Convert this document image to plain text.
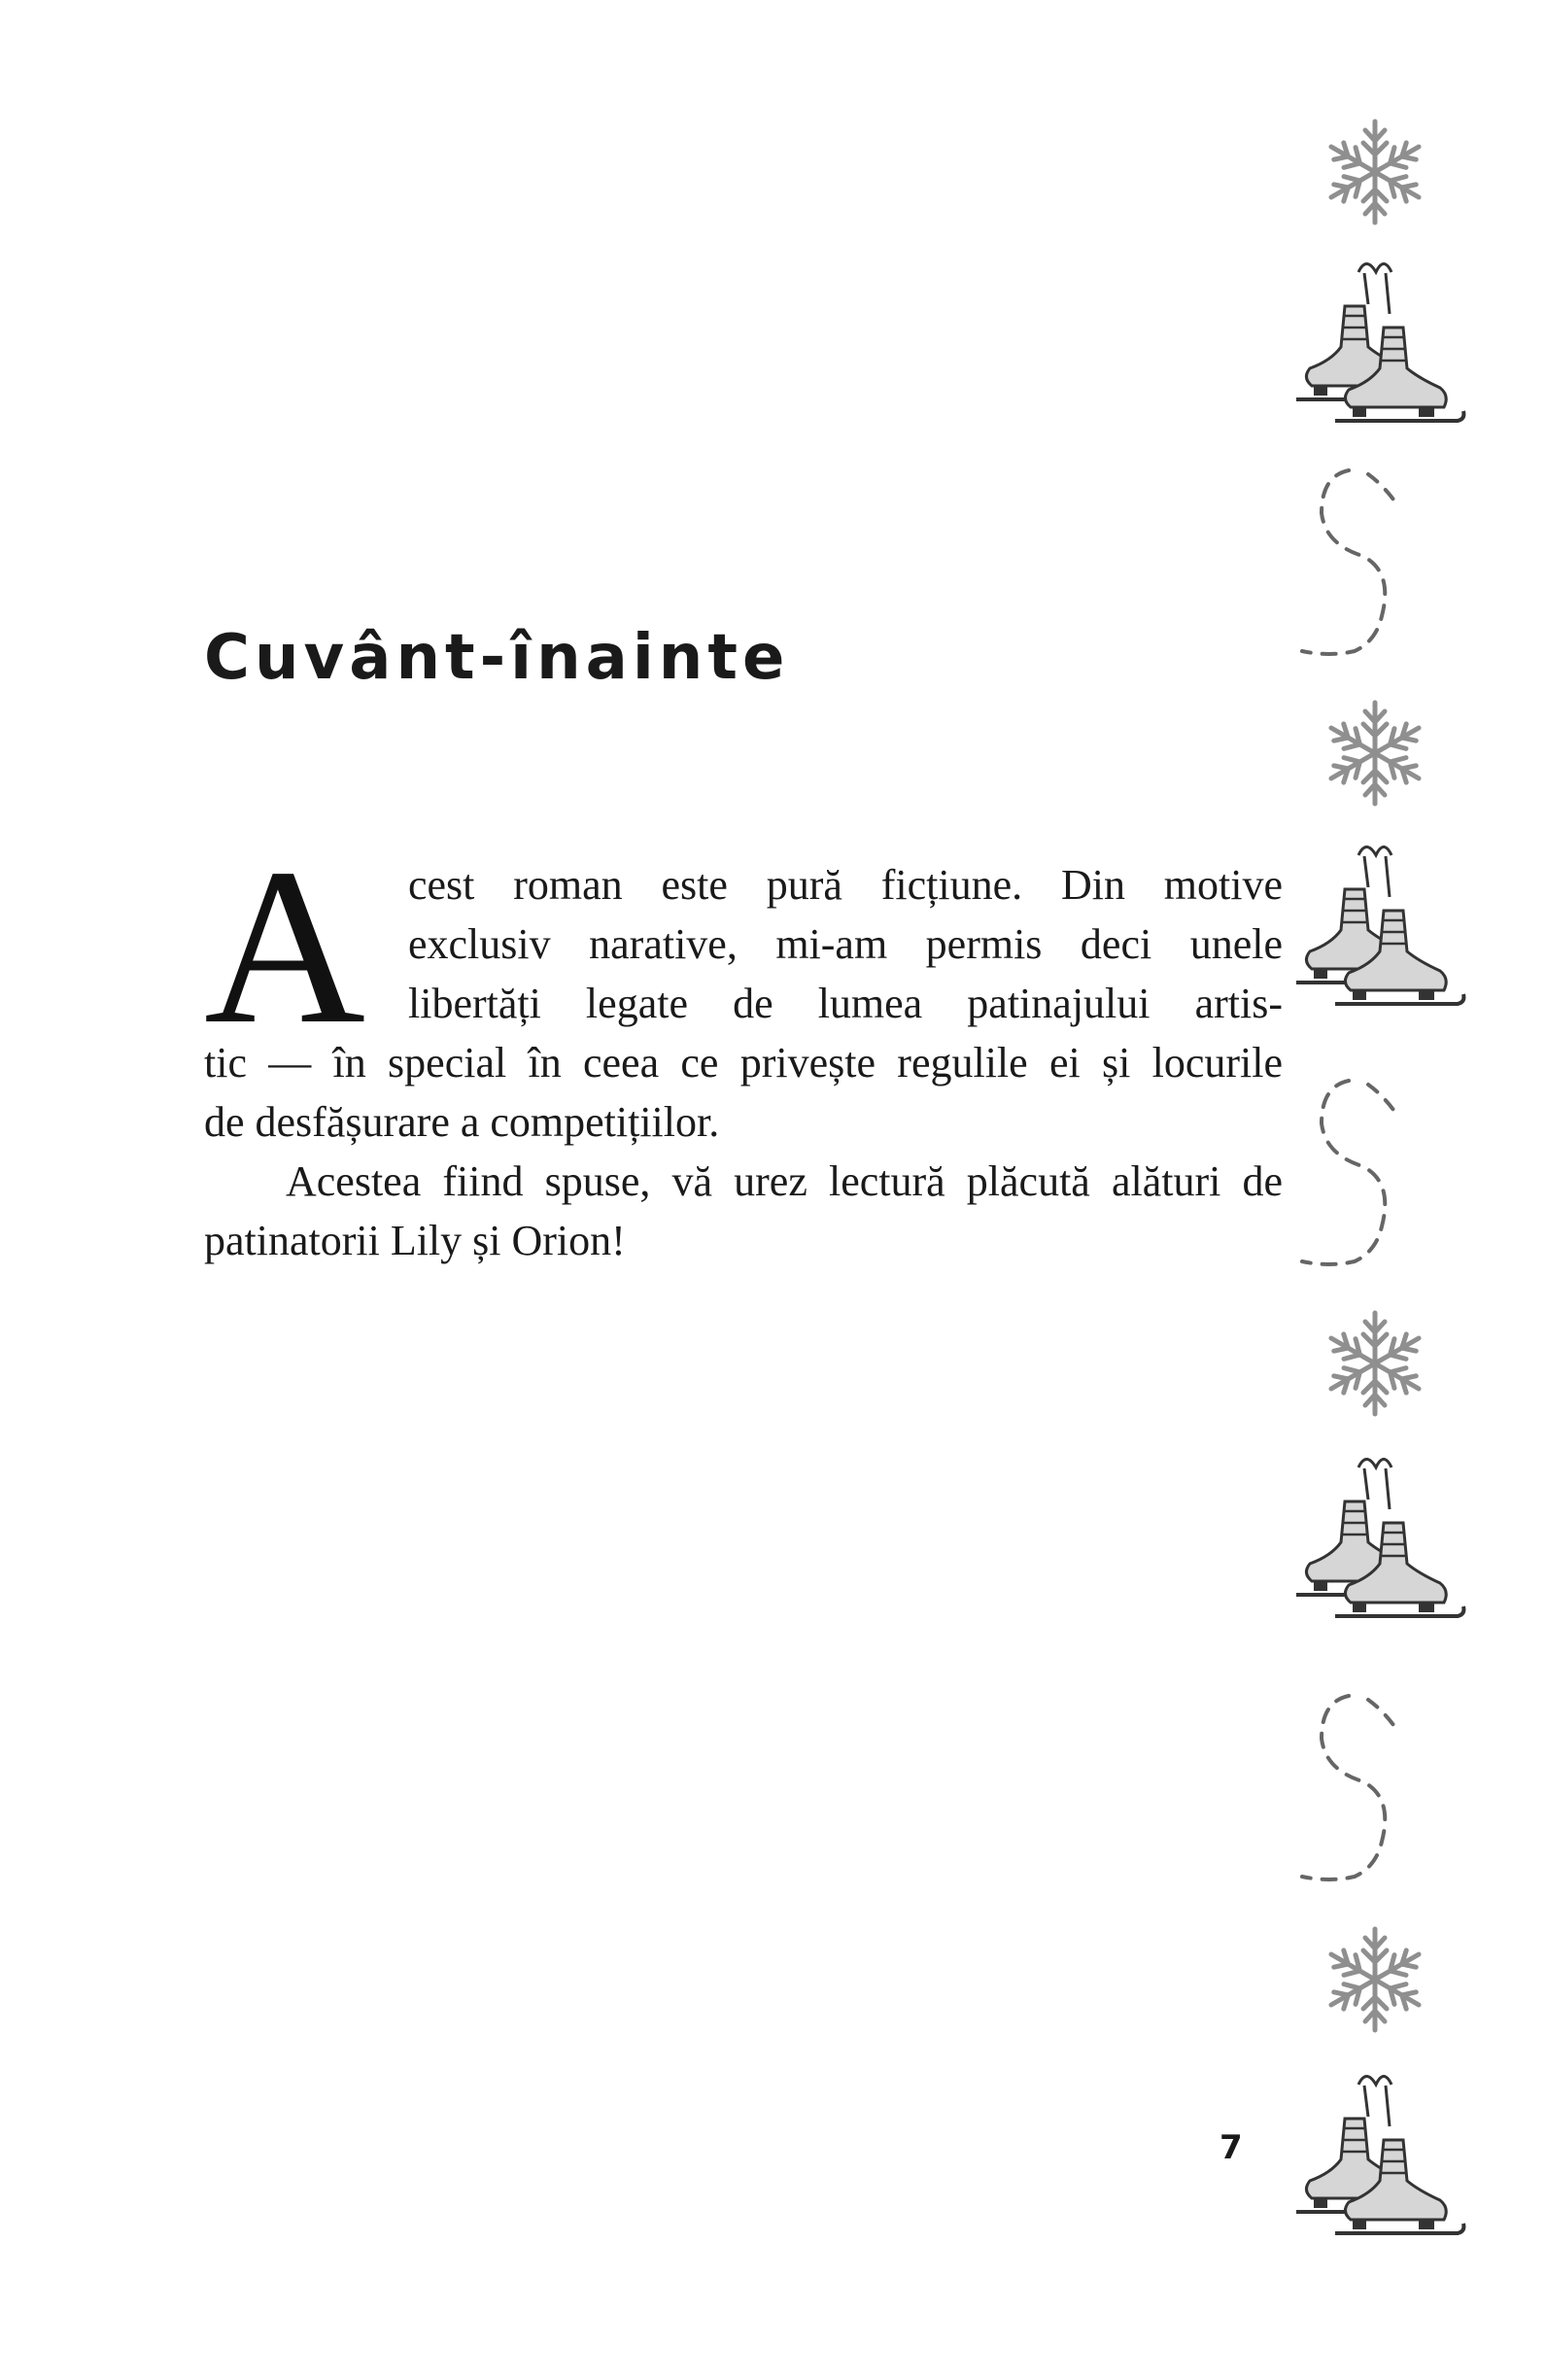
Cuvânt-înainte
A cest roman este pură ficțiune. Din motive
exclusiv narative, mi-am permis deci unele
libertăți legate de lumea patinajului artis-
tic — în special în ceea ce privește regulile ei și locurile
de desfășurare a competițiilor.
Acestea fiind spuse, vă urez lectură plăcută alături de
patinatorii Lily și Orion!
7
